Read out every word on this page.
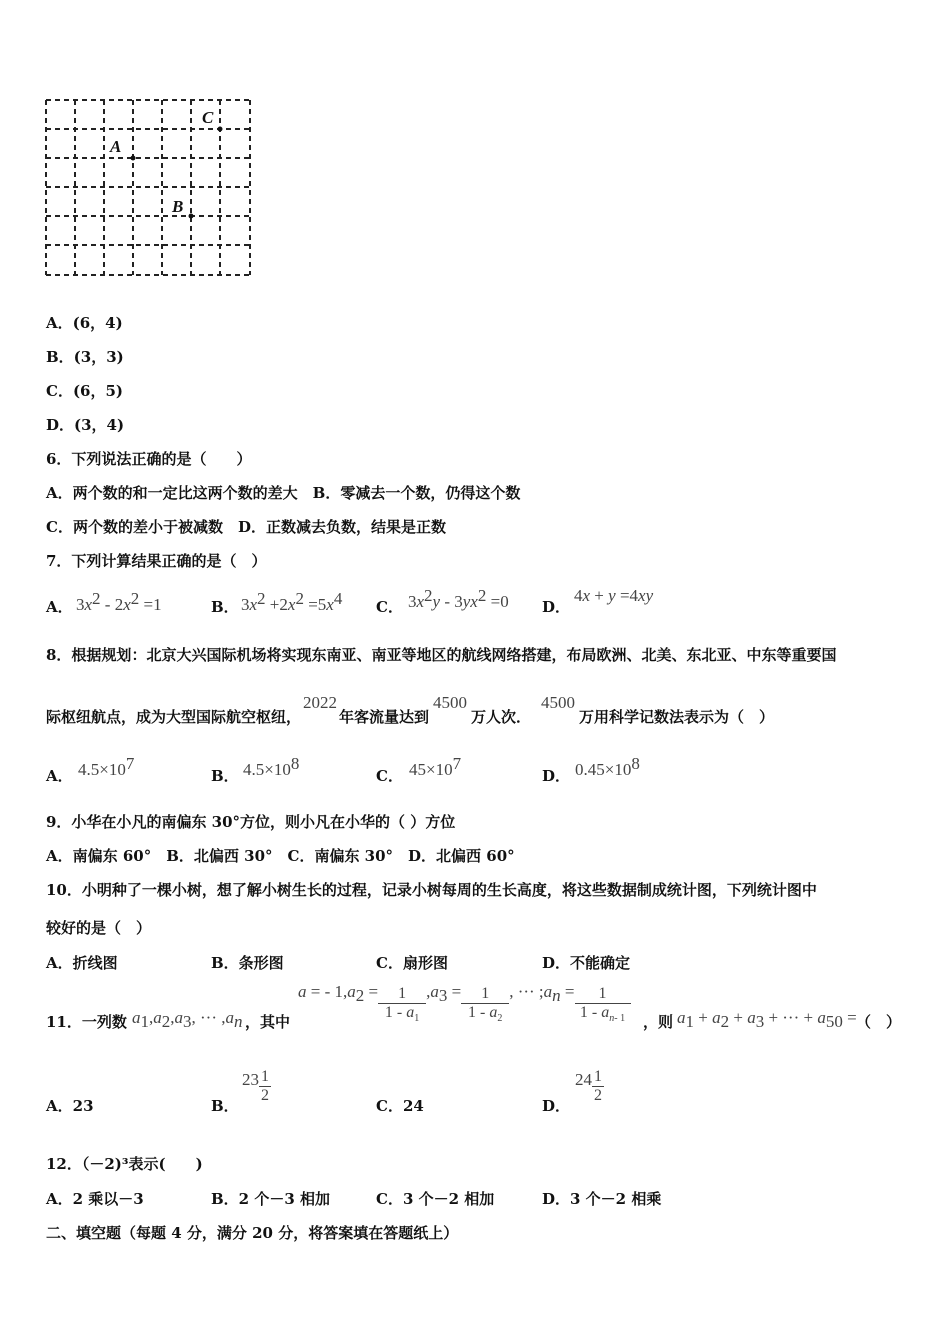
C
A
B
A．(6，4)
B．(3，3)
C．(6，5)
D．(3，4)
6．下列说法正确的是（　　）
A．两个数的和一定比这两个数的差大　B．零减去一个数，仍得这个数
C．两个数的差小于被减数　D．正数减去负数，结果是正数
7．下列计算结果正确的是（　）
A． $3x^2 - 2x^2 =1$	B． $3x^2 +2x^2 =5x^4$ C． $3x^2y - 3yx^2 =0$ D．
4x + y =4xy
8．根据规划：北京大兴国际机场将实现东南亚、南亚等地区的航线网络搭建，布局欧洲、北美、东北亚、中东等重要国
际枢纽航点，成为大型国际航空枢纽，2022年客流量达到4500万人次．4500万用科学记数法表示为（　）
A． $4.5\times 10^7$
B． $4.5\times 10^8$
C． $45\times 10^7$
D． $0.45\times 10^8$
9．小华在小凡的南偏东 30°方位，则小凡在小华的（ ）方位
A．南偏东 60°　B．北偏西 30°　C．南偏东 30°　D．北偏西 60°
10．小明种了一棵小树，想了解小树生长的过程，记录小树每周的生长高度，将这些数据制成统计图，下列统计图中
较好的是（　）
A．折线图	B．条形图	C．扇形图	D．不能确定
11．一列数 $a_1,a_2,a_3$, ··· $,a_n$ ，其中
a = - $1,a_2 = \frac{1}{1 - a_1} ,a_3 = \frac{1}{1 - a_2}$ , ··· $;a_n = \frac{1}{1 - a_{n- 1}}$ ，则 $a_1 + a_2 + a_3$ + ··· + $a_{50}$ = （　）
A．23	B．
$23 \frac{1}{2}$
C．24	D．
$24 \frac{1}{2}$
12．（－2)³表示(　　)
A．2 乘以－3	B．2 个－3 相加	C．3 个－2 相加	D．3 个－2 相乘
二、填空题（每题 4 分，满分 20 分，将答案填在答题纸上）
